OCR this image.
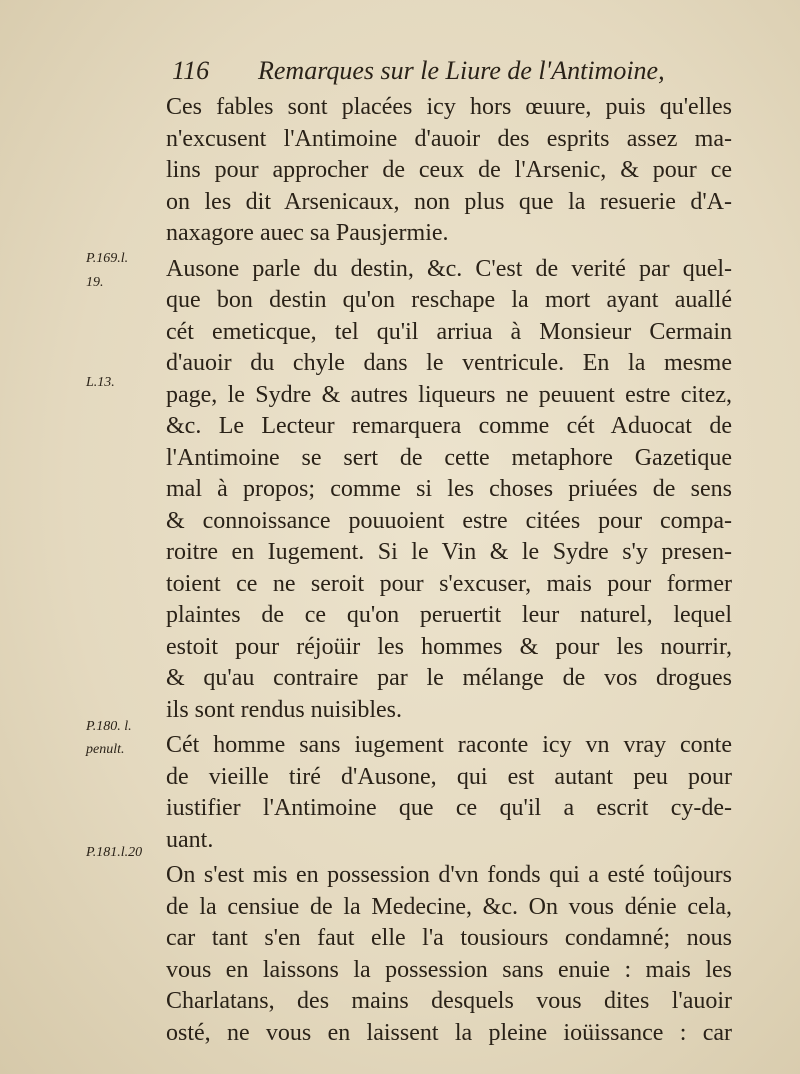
116 Remarques sur le Liure de l'Antimoine,
P.169.l.
19.
L.13.
P.180. l.
penult.
P.181.l.20
Ces fables sont placées icy hors œuure, puis qu'elles
n'excusent l'Antimoine d'auoir des esprits assez ma-
lins pour approcher de ceux de l'Arsenic, & pour ce
on les dit Arsenicaux, non plus que la resuerie d'A-
naxagore auec sa Pausjermie.
Ausone parle du destin, &c. C'est de verité par quel-
que bon destin qu'on reschape la mort ayant auallé
cét emeticque, tel qu'il arriua à Monsieur Cermain
d'auoir du chyle dans le ventricule. En la mesme
page, le Sydre & autres liqueurs ne peuuent estre citez,
&c. Le Lecteur remarquera comme cét Aduocat de
l'Antimoine se sert de cette metaphore Gazetique
mal à propos; comme si les choses priuées de sens
& connoissance pouuoient estre citées pour compa-
roitre en Iugement. Si le Vin & le Sydre s'y presen-
toient ce ne seroit pour s'excuser, mais pour former
plaintes de ce qu'on peruertit leur naturel, lequel
estoit pour réjoüir les hommes & pour les nourrir,
& qu'au contraire par le mélange de vos drogues
ils sont rendus nuisibles.
Cét homme sans iugement raconte icy vn vray conte
de vieille tiré d'Ausone, qui est autant peu pour
iustifier l'Antimoine que ce qu'il a escrit cy-de-
uant.
On s'est mis en possession d'vn fonds qui a esté toûjours
de la censiue de la Medecine, &c. On vous dénie cela,
car tant s'en faut elle l'a tousiours condamné; nous
vous en laissons la possession sans enuie : mais les
Charlatans, des mains desquels vous dites l'auoir
osté, ne vous en laissent la pleine ioüissance : car
